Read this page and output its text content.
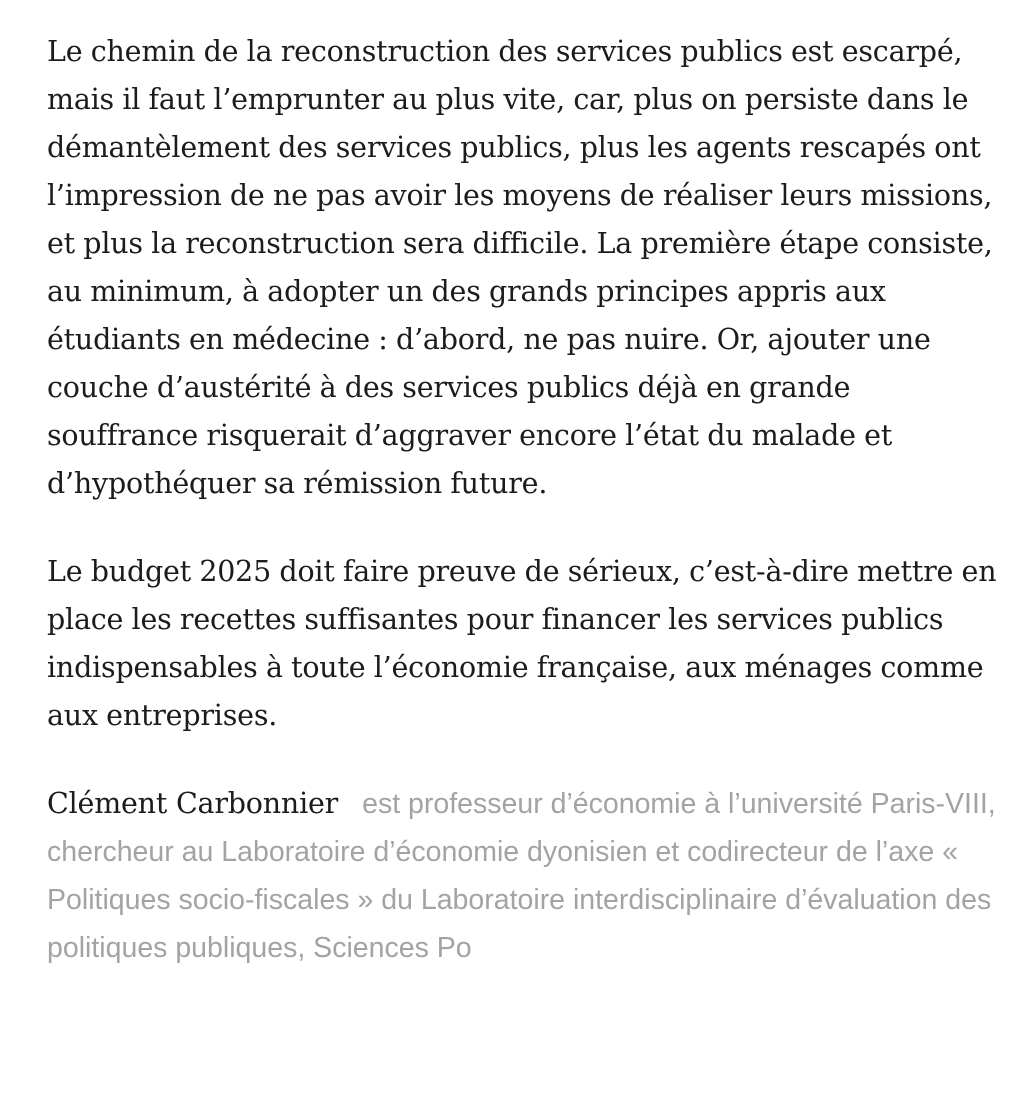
Le chemin de la reconstruction des services publics est escarpé, mais il faut l’emprunter au plus vite, car, plus on persiste dans le démantèlement des services publics, plus les agents rescapés ont l’impression de ne pas avoir les moyens de réaliser leurs missions, et plus la reconstruction sera difficile. La première étape consiste, au minimum, à adopter un des grands principes appris aux étudiants en médecine : d’abord, ne pas nuire. Or, ajouter une couche d’austérité à des services publics déjà en grande souffrance risquerait d’aggraver encore l’état du malade et d’hypothéquer sa rémission future.

Le budget 2025 doit faire preuve de sérieux, c’est-à-dire mettre en place les recettes suffisantes pour financer les services publics indispensables à toute l’économie française, aux ménages comme aux entreprises.

Clément Carbonnier est professeur d’économie à l’université Paris-VIII, chercheur au Laboratoire d’économie dyonisien et codirecteur de l’axe « Politiques socio-fiscales » du Laboratoire interdisciplinaire d’évaluation des politiques publiques, Sciences Po
